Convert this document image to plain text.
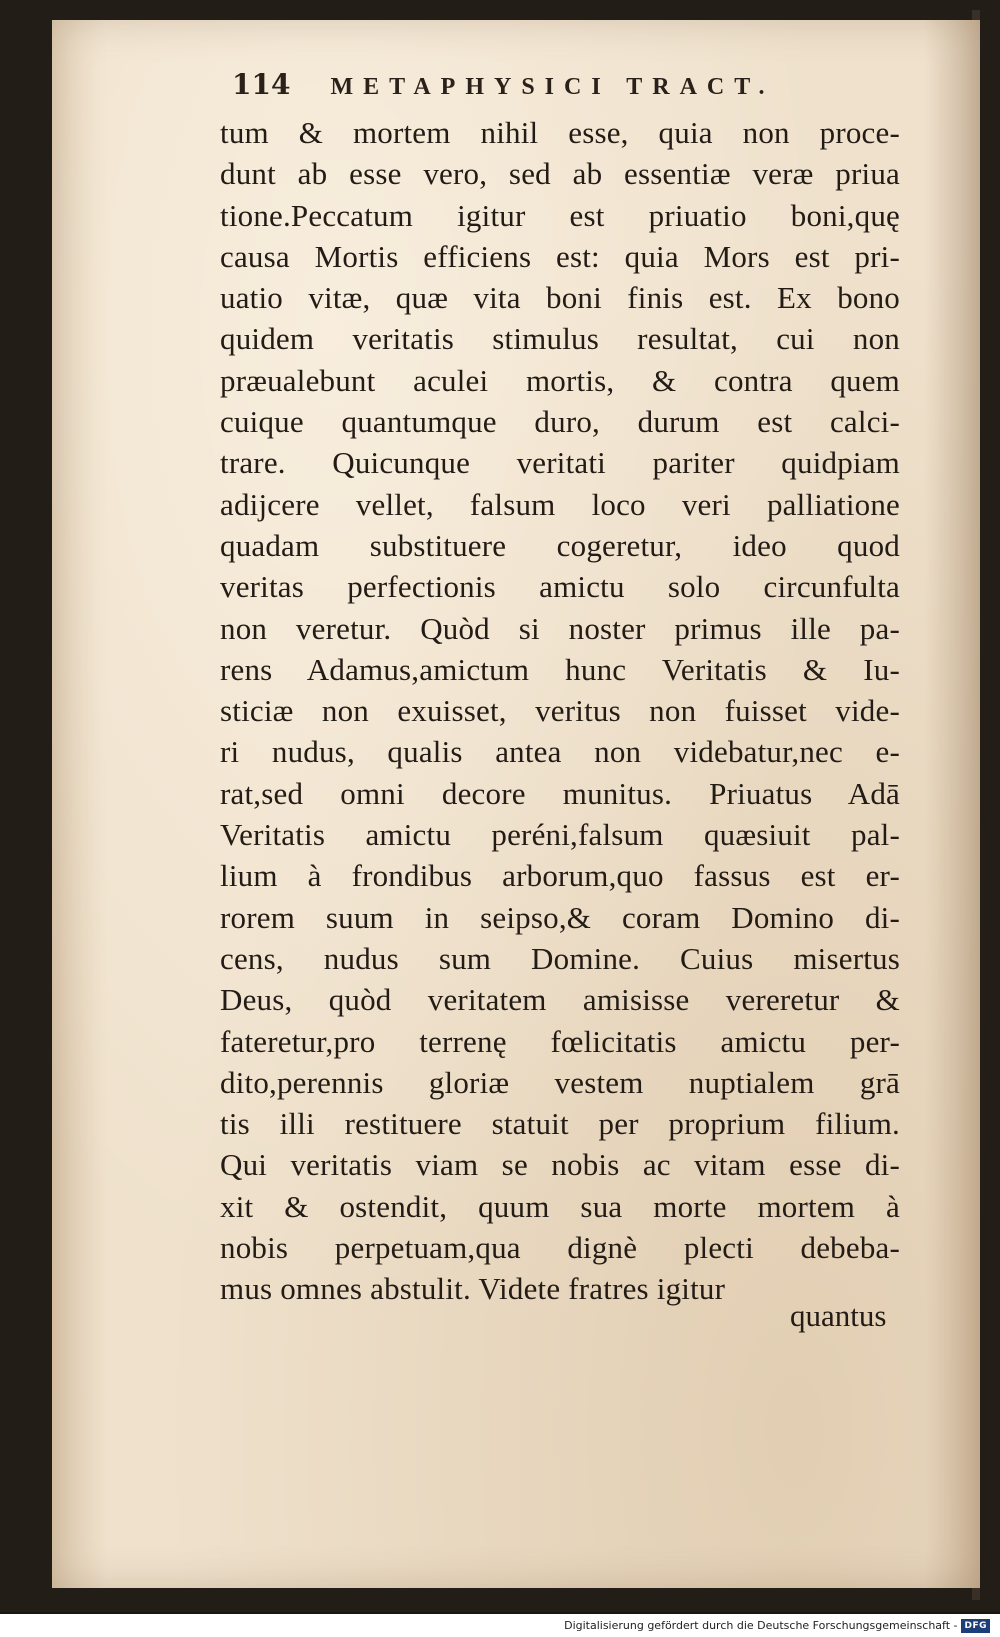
114 METAPHYSICI TRACT.
tum & mortem nihil esse, quia non proce-
dunt ab esse vero, sed ab essentiæ veræ priua
tione.Peccatum igitur est priuatio boni,quę
causa Mortis efficiens est: quia Mors est pri-
uatio vitæ, quæ vita boni finis est. Ex bono
quidem veritatis stimulus resultat, cui non
præualebunt aculei mortis, & contra quem
cuique quantumque duro, durum est calci-
trare. Quicunque veritati pariter quidpiam
adijcere vellet, falsum loco veri palliatione
quadam substituere cogeretur, ideo quod
veritas perfectionis amictu solo circunfulta
non veretur. Quòd si noster primus ille pa-
rens Adamus,amictum hunc Veritatis & Iu-
sticiæ non exuisset, veritus non fuisset vide-
ri nudus, qualis antea non videbatur,nec e-
rat,sed omni decore munitus. Priuatus Adā
Veritatis amictu peréni,falsum quæsiuit pal-
lium à frondibus arborum,quo fassus est er-
rorem suum in seipso,& coram Domino di-
cens, nudus sum Domine. Cuius misertus
Deus, quòd veritatem amisisse vereretur &
fateretur,pro terrenę fœlicitatis amictu per-
dito,perennis gloriæ vestem nuptialem grā
tis illi restituere statuit per proprium filium.
Qui veritatis viam se nobis ac vitam esse di-
xit & ostendit, quum sua morte mortem à
nobis perpetuam,qua dignè plecti debeba-
mus omnes abstulit. Videte fratres igitur
quantus
Digitalisierung gefördert durch die Deutsche Forschungsgemeinschaft - DFG
